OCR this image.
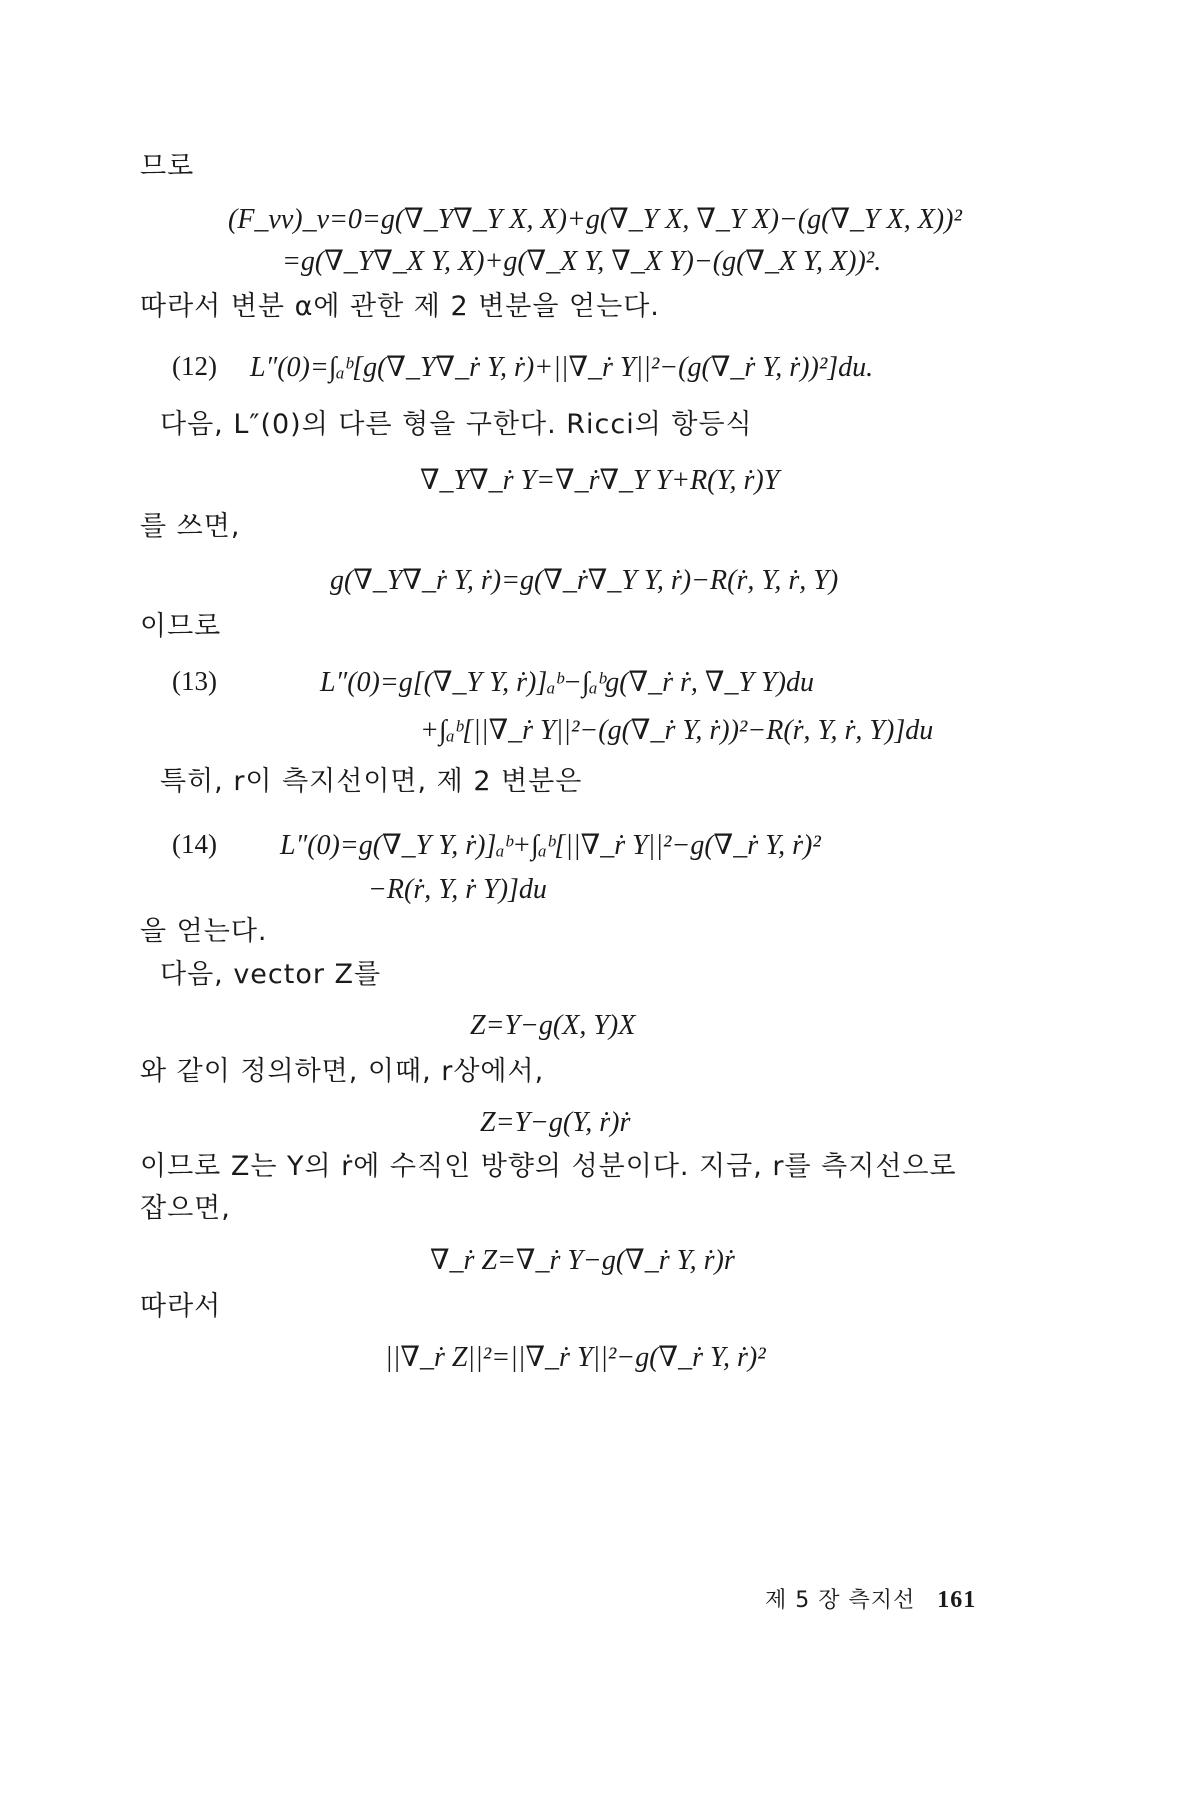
므로
(F_vv)_v=0=g(∇_Y∇_Y X, X)+g(∇_Y X, ∇_Y X)−(g(∇_Y X, X))²
=g(∇_Y∇_X Y, X)+g(∇_X Y, ∇_X Y)−(g(∇_X Y, X))².
따라서 변분 α에 관한 제 2 변분을 얻는다.
(12) L″(0)=∫ₐᵇ[g(∇_Y∇_ṙ Y, ṙ)+||∇_ṙ Y||²−(g(∇_ṙ Y, ṙ))²]du.
다음, L″(0)의 다른 형을 구한다. Ricci의 항등식
∇_Y∇_ṙ Y=∇_ṙ∇_Y Y+R(Y, ṙ)Y
를 쓰면,
g(∇_Y∇_ṙ Y, ṙ)=g(∇_ṙ∇_Y Y, ṙ)−R(ṙ, Y, ṙ, Y)
이므로
(13)	L″(0)=g[(∇_Y Y, ṙ)]ₐᵇ−∫ₐᵇg(∇_ṙ ṙ, ∇_Y Y)du
+∫ₐᵇ[||∇_ṙ Y||²−(g(∇_ṙ Y, ṙ))²−R(ṙ, Y, ṙ, Y)]du
특히, r이 측지선이면, 제 2 변분은
(14) L″(0)=g(∇_Y Y, ṙ)]ₐᵇ+∫ₐᵇ[||∇_ṙ Y||²−g(∇_ṙ Y, ṙ)²
−R(ṙ, Y, ṙ Y)]du
을 얻는다.
다음, vector Z를
Z=Y−g(X, Y)X
와 같이 정의하면, 이때, r상에서,
Z=Y−g(Y, ṙ)ṙ
이므로 Z는 Y의 ṙ에 수직인 방향의 성분이다. 지금, r를 측지선으로
잡으면,
∇_ṙ Z=∇_ṙ Y−g(∇_ṙ Y, ṙ)ṙ
따라서
||∇_ṙ Z||²=||∇_ṙ Y||²−g(∇_ṙ Y, ṙ)²
제 5 장 측지선 161
